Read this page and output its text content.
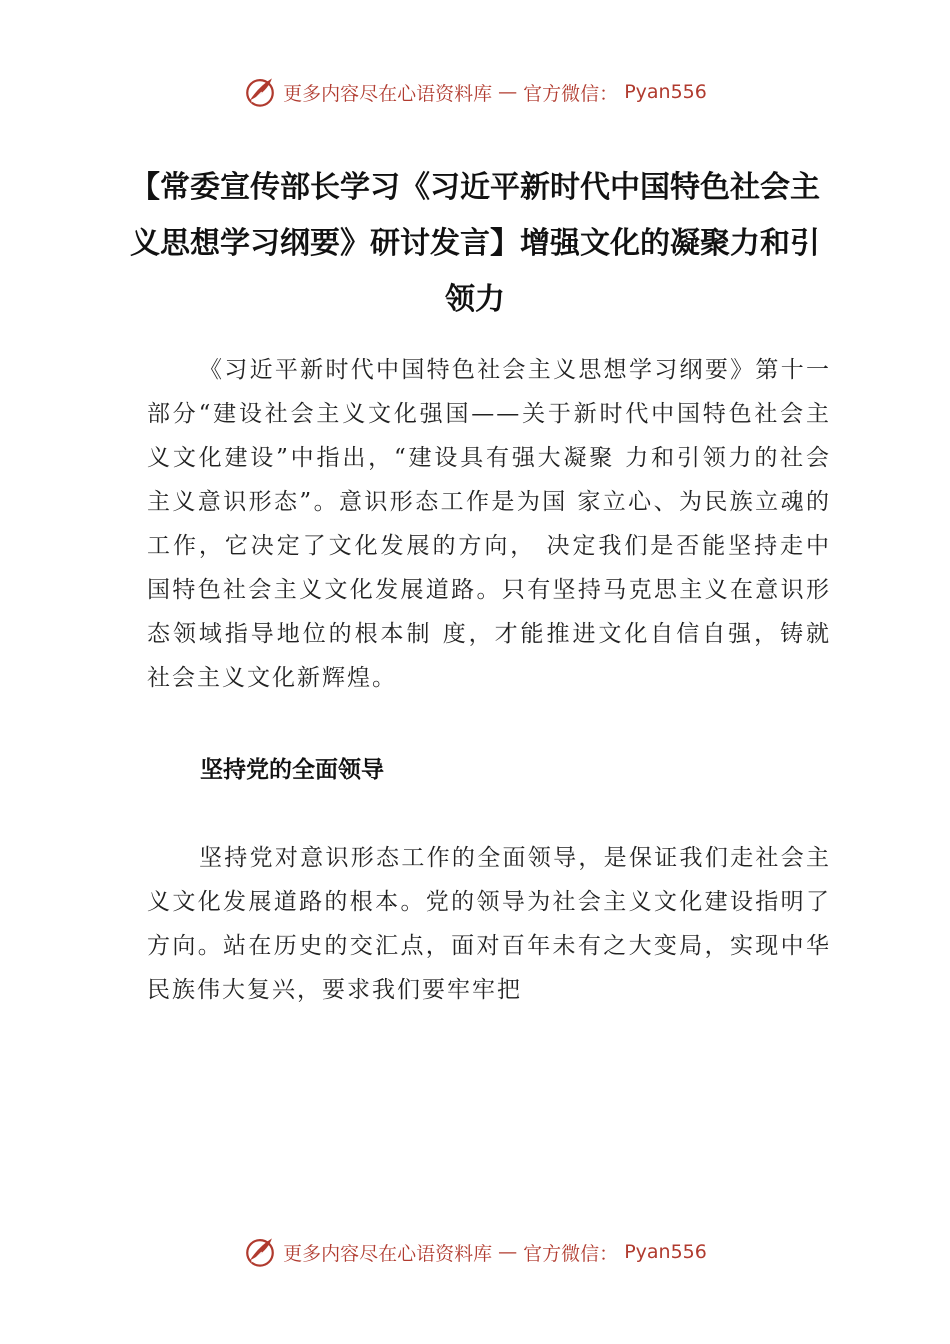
更多内容尽在心语资料库 — 官方微信： Pyan556
【常委宣传部长学习《习近平新时代中国特色社会主义思想学习纲要》研讨发言】增强文化的凝聚力和引领力

《习近平新时代中国特色社会主义思想学习纲要》第十一部分“建设社会主义文化强国——关于新时代中国特色社会主义文化建设”中指出，“建设具有强大凝聚 力和引领力的社会主义意识形态”。意识形态工作是为国 家立心、为民族立魂的工作，它决定了文化发展的方向， 决定我们是否能坚持走中国特色社会主义文化发展道路。只有坚持马克思主义在意识形态领域指导地位的根本制 度，才能推进文化自信自强，铸就社会主义文化新辉煌。

坚持党的全面领导

坚持党对意识形态工作的全面领导，是保证我们走社会主义文化发展道路的根本。党的领导为社会主义文化建设指明了方向。站在历史的交汇点，面对百年未有之大变局，实现中华民族伟大复兴，要求我们要牢牢把

更多内容尽在心语资料库 — 官方微信： Pyan556
